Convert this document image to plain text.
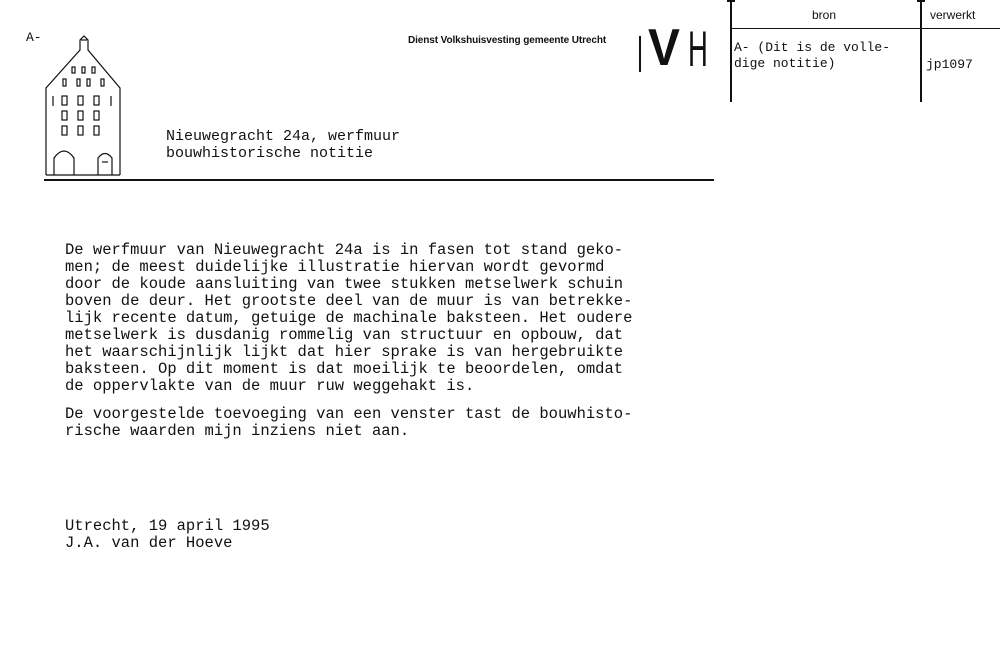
A-
Nieuwegracht 24a, werfmuur
bouwhistorische notitie
Dienst Volkshuisvesting gemeente Utrecht V H
bron	verwerkt
A- (Dit is de volle-
dige notitie)	jp1097
De werfmuur van Nieuwegracht 24a is in fasen tot stand geko-
men; de meest duidelijke illustratie hiervan wordt gevormd
door de koude aansluiting van twee stukken metselwerk schuin
boven de deur. Het grootste deel van de muur is van betrekke-
lijk recente datum, getuige de machinale baksteen. Het oudere
metselwerk is dusdanig rommelig van structuur en opbouw, dat
het waarschijnlijk lijkt dat hier sprake is van hergebruikte
baksteen. Op dit moment is dat moeilijk te beoordelen, omdat
de oppervlakte van de muur ruw weggehakt is.
De voorgestelde toevoeging van een venster tast de bouwhisto-
rische waarden mijn inziens niet aan.
Utrecht, 19 april 1995
J.A. van der Hoeve
